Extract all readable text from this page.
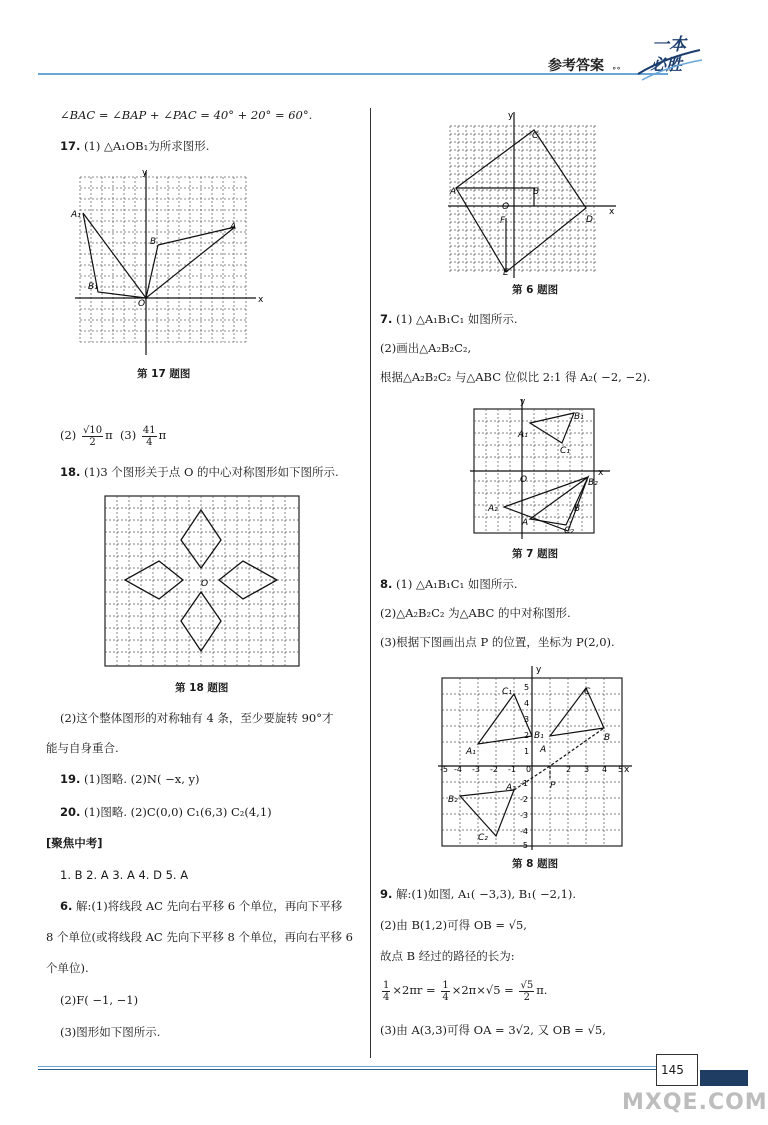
参考答案 ∘∘
一本
必胜
∠BAC = ∠BAP + ∠PAC = 40° + 20° = 60°.
17. (1) △A₁OB₁为所求图形.
x
y
O
A₁
B₁
B
A
第 17 题图
$(2) \frac{√10}{2}$ π $(3) \frac{41}{4}$ π
18. (1)3 个图形关于点 O 的中心对称图形如下图所示.
O
第 18 题图
(2)这个整体图形的对称轴有 4 条，至少要旋转 90°才
能与自身重合.
19. (1)图略. (2)N( −x, y)
20. (1)图略. (2)C(0,0) C₁(6,3) C₂(4,1)
[聚焦中考]
1. B 2. A 3. A 4. D 5. A
6. 解:(1)将线段 AC 先向右平移 6 个单位，再向下平移
8 个单位(或将线段 AC 先向下平移 8 个单位，再向右平移 6
个单位).
(2)F( −1, −1)
(3)图形如下图所示.
x
y
O
A	B
C
D
E
F
第 6 题图
7. (1) △A₁B₁C₁ 如图所示.
(2)画出△A₂B₂C₂,
根据△A₂B₂C₂ 与△ABC 位似比 2:1 得 A₂( −2, −2).
x
y
O
A₁
B₁
C₁
B₂
A₂
A
B
C₂
第 7 题图
8. (1) △A₁B₁C₁ 如图所示.
(2)△A₂B₂C₂ 为△ABC 的中对称图形.
(3)根据下图画出点 P 的位置，坐标为 P(2,0).
x
y
-5 -4 -3 -2 -1 0	2 3 4 5
1
2
3
4
5
-1
-2
-3
-4
-5
A₁
C₁
B₁
A
C
B
A₂
B₂
C₂
P
第 8 题图
9. 解:(1)如图, A₁( −3,3), B₁( −2,1).
(2)由 B(1,2)可得 OB = √5,
故点 B 经过的路径的长为:
$\frac{1}{4} \times 2\pi r = \frac{1}{4} \times 2\pi\times√5 = \frac{√5}{2} \pi$.
(3)由 A(3,3)可得 OA = 3√2, 又 OB = √5,
145
MXQE.COM
